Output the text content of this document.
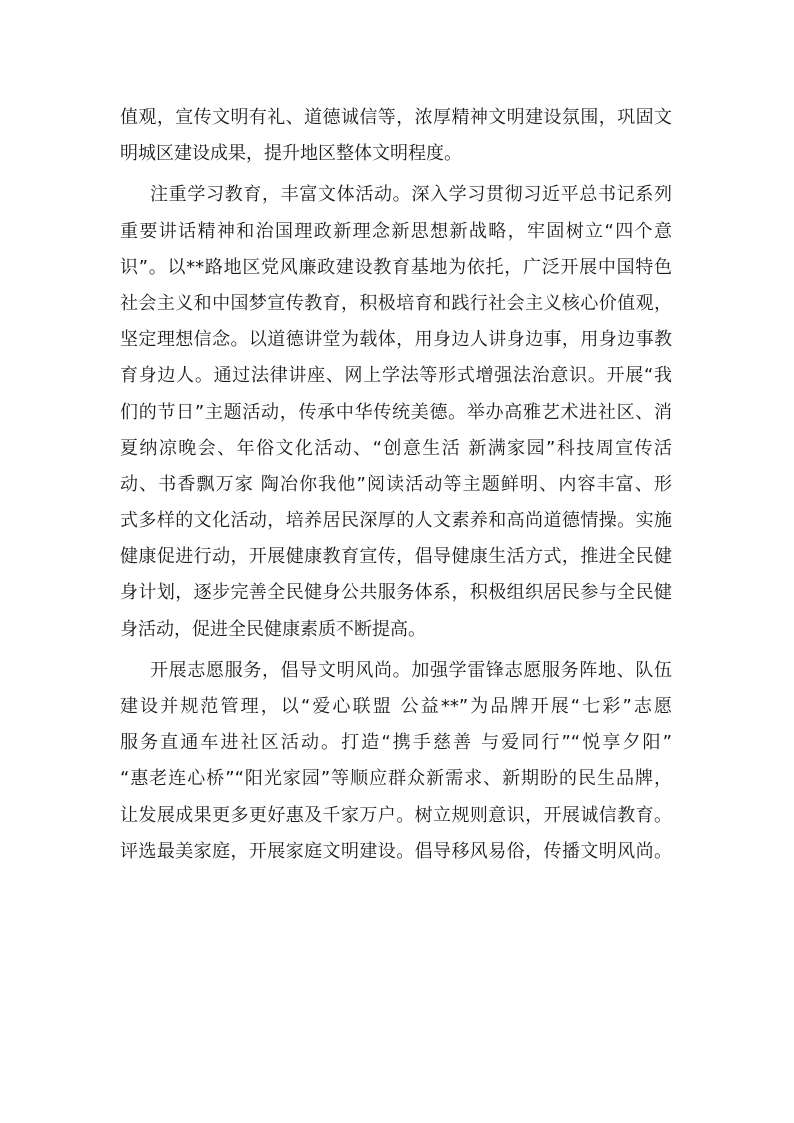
值观，宣传文明有礼、道德诚信等，浓厚精神文明建设氛围，巩固文
明城区建设成果，提升地区整体文明程度。
注重学习教育，丰富文体活动。深入学习贯彻习近平总书记系列
重要讲话精神和治国理政新理念新思想新战略，牢固树立“四个意
识”。以**路地区党风廉政建设教育基地为依托，广泛开展中国特色
社会主义和中国梦宣传教育，积极培育和践行社会主义核心价值观，
坚定理想信念。以道德讲堂为载体，用身边人讲身边事，用身边事教
育身边人。通过法律讲座、网上学法等形式增强法治意识。开展“我
们的节日”主题活动，传承中华传统美德。举办高雅艺术进社区、消
夏纳凉晚会、年俗文化活动、“创意生活 新满家园”科技周宣传活
动、书香飘万家 陶冶你我他”阅读活动等主题鲜明、内容丰富、形
式多样的文化活动，培养居民深厚的人文素养和高尚道德情操。实施
健康促进行动，开展健康教育宣传，倡导健康生活方式，推进全民健
身计划，逐步完善全民健身公共服务体系，积极组织居民参与全民健
身活动，促进全民健康素质不断提高。
开展志愿服务，倡导文明风尚。加强学雷锋志愿服务阵地、队伍
建设并规范管理，以“爱心联盟 公益**”为品牌开展“七彩”志愿
服务直通车进社区活动。打造“携手慈善 与爱同行”“悦享夕阳”
“惠老连心桥”“阳光家园”等顺应群众新需求、新期盼的民生品牌，
让发展成果更多更好惠及千家万户。树立规则意识，开展诚信教育。
评选最美家庭，开展家庭文明建设。倡导移风易俗，传播文明风尚。
